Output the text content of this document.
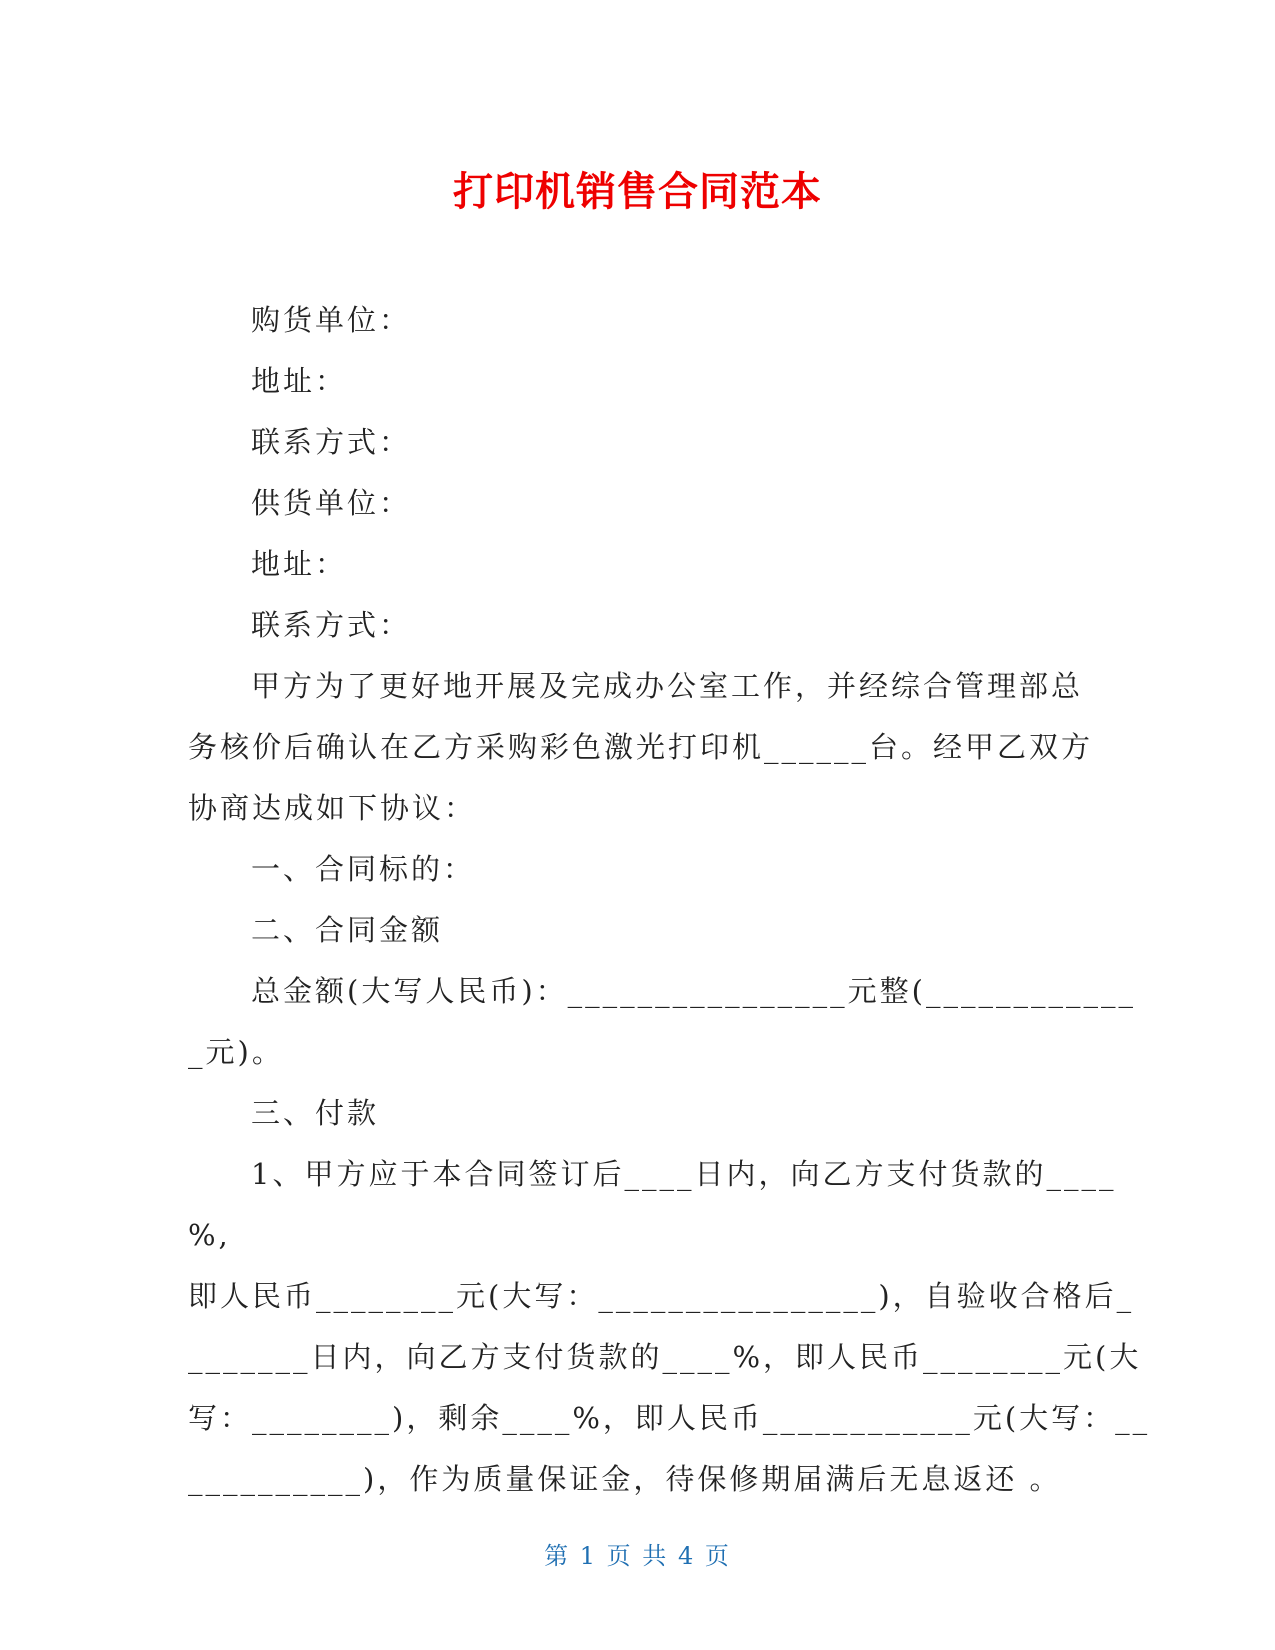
打印机销售合同范本
购货单位：
地址：
联系方式：
供货单位：
地址：
联系方式：
甲方为了更好地开展及完成办公室工作，并经综合管理部总
务核价后确认在乙方采购彩色激光打印机______台。经甲乙双方
协商达成如下协议：
一、合同标的：
二、合同金额
总金额(大写人民币)：________________元整(____________
_元)。
三、付款
1、甲方应于本合同签订后____日内，向乙方支付货款的____
%,
即人民币________元(大写：________________)，自验收合格后_
_______日内，向乙方支付货款的____%，即人民币________元(大
写：________)，剩余____%，即人民币____________元(大写：__
__________)，作为质量保证金，待保修期届满后无息返还 。
第 1 页 共 4 页
